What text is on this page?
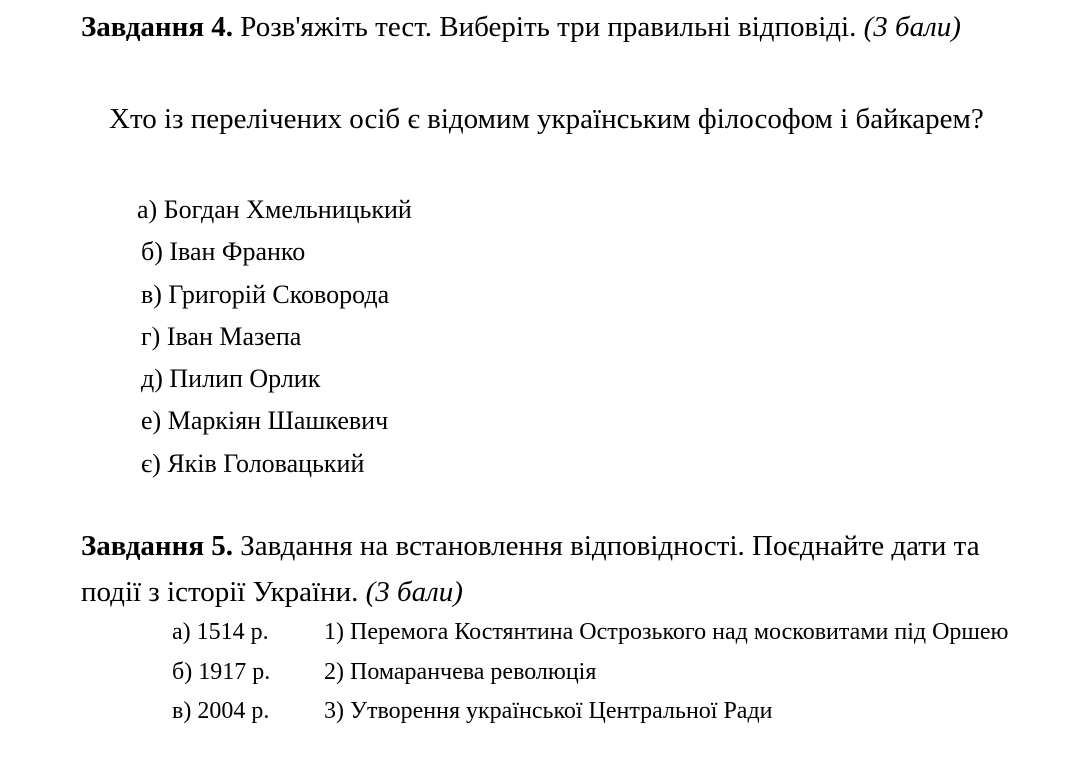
Завдання 4. Розв'яжіть тест. Виберіть три правильні відповіді. (3 бали)

Хто із перелічених осіб є відомим українським філософом і байкарем?

а) Богдан Хмельницький
б) Іван Франко
в) Григорій Сковорода
г) Іван Мазепа
д) Пилип Орлик
е) Маркіян Шашкевич
є) Яків Головацький

Завдання 5. Завдання на встановлення відповідності. Поєднайте дати та події з історії України. (3 бали)

а) 1514 р. 1) Перемога Костянтина Острозького над московитами під Оршею
б) 1917 р. 2) Помаранчева революція
в) 2004 р. 3) Утворення української Центральної Ради
